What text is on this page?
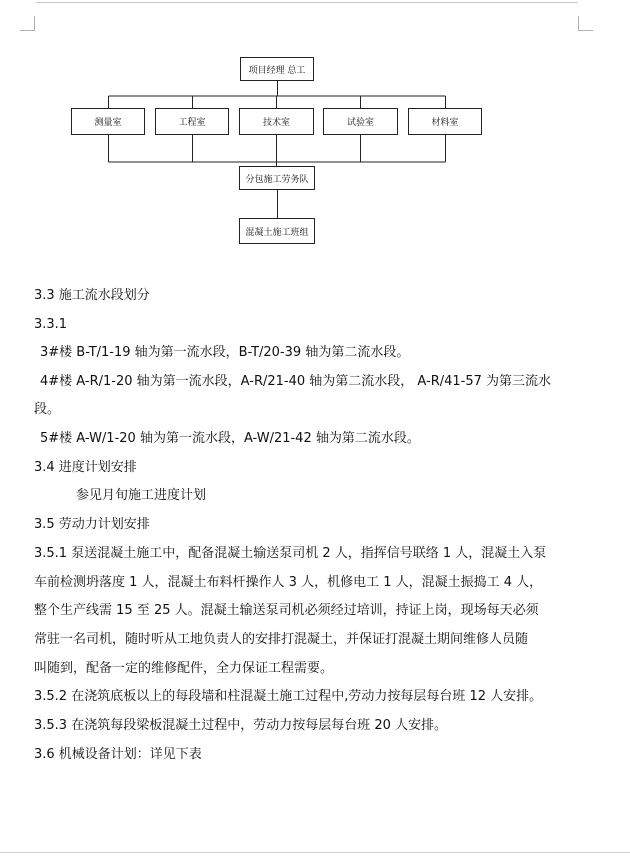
项目经理 总工
测量室	工程室	技术室	试验室	材料室
分包施工劳务队
混凝土施工班组
3.3 施工流水段划分
3.3.1
3#楼 B-T/1-19 轴为第一流水段，B-T/20-39 轴为第二流水段。
4#楼 A-R/1-20 轴为第一流水段，A-R/21-40 轴为第二流水段， A-R/41-57 为第三流水
段。
5#楼 A-W/1-20 轴为第一流水段，A-W/21-42 轴为第二流水段。
3.4 进度计划安排
参见月旬施工进度计划
3.5 劳动力计划安排
3.5.1 泵送混凝土施工中，配备混凝土输送泵司机 2 人，指挥信号联络 1 人，混凝土入泵
车前检测坍落度 1 人，混凝土布料杆操作人 3 人，机修电工 1 人，混凝土振捣工 4 人，
整个生产线需 15 至 25 人。混凝土输送泵司机必须经过培训，持证上岗，现场每天必须
常驻一名司机，随时听从工地负责人的安排打混凝土，并保证打混凝土期间维修人员随
叫随到，配备一定的维修配件，全力保证工程需要。
3.5.2 在浇筑底板以上的每段墙和柱混凝土施工过程中,劳动力按每层每台班 12 人安排。
3.5.3 在浇筑每段梁板混凝土过程中，劳动力按每层每台班 20 人安排。
3.6 机械设备计划：详见下表
